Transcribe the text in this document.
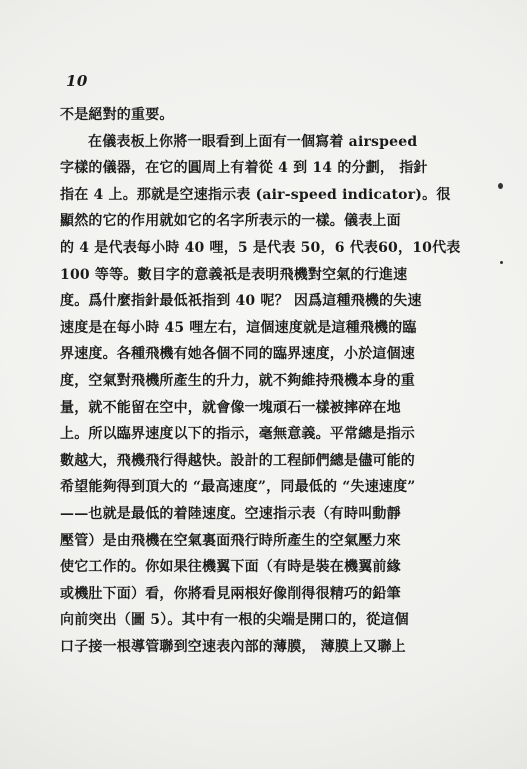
10
不是絕對的重要。
在儀表板上你將一眼看到上面有一個寫着 airspeed
字樣的儀器，在它的圓周上有着從 4 到 14 的分劃， 指針
指在 4 上。那就是空速指示表 (air-speed indicator)。很
顯然的它的作用就如它的名字所表示的一樣。儀表上面
的 4 是代表每小時 40 哩，5 是代表 50，6 代表60，10代表
100 等等。數目字的意義祇是表明飛機對空氣的行進速
度。爲什麼指針最低祇指到 40 呢？ 因爲這種飛機的失速
速度是在每小時 45 哩左右，這個速度就是這種飛機的臨
界速度。各種飛機有她各個不同的臨界速度，小於這個速
度，空氣對飛機所產生的升力，就不夠維持飛機本身的重
量，就不能留在空中，就會像一塊頑石一樣被摔碎在地
上。所以臨界速度以下的指示，毫無意義。平常總是指示
數越大，飛機飛行得越快。設計的工程師們總是儘可能的
希望能夠得到頂大的 “最高速度”，同最低的 “失速速度”
——也就是最低的着陸速度。空速指示表（有時叫動靜
壓管）是由飛機在空氣裏面飛行時所產生的空氣壓力來
使它工作的。你如果往機翼下面（有時是裝在機翼前緣
或機肚下面）看，你將看見兩根好像削得很精巧的鉛筆
向前突出（圖 5）。其中有一根的尖端是開口的，從這個
口子接一根導管聯到空速表內部的薄膜， 薄膜上又聯上
